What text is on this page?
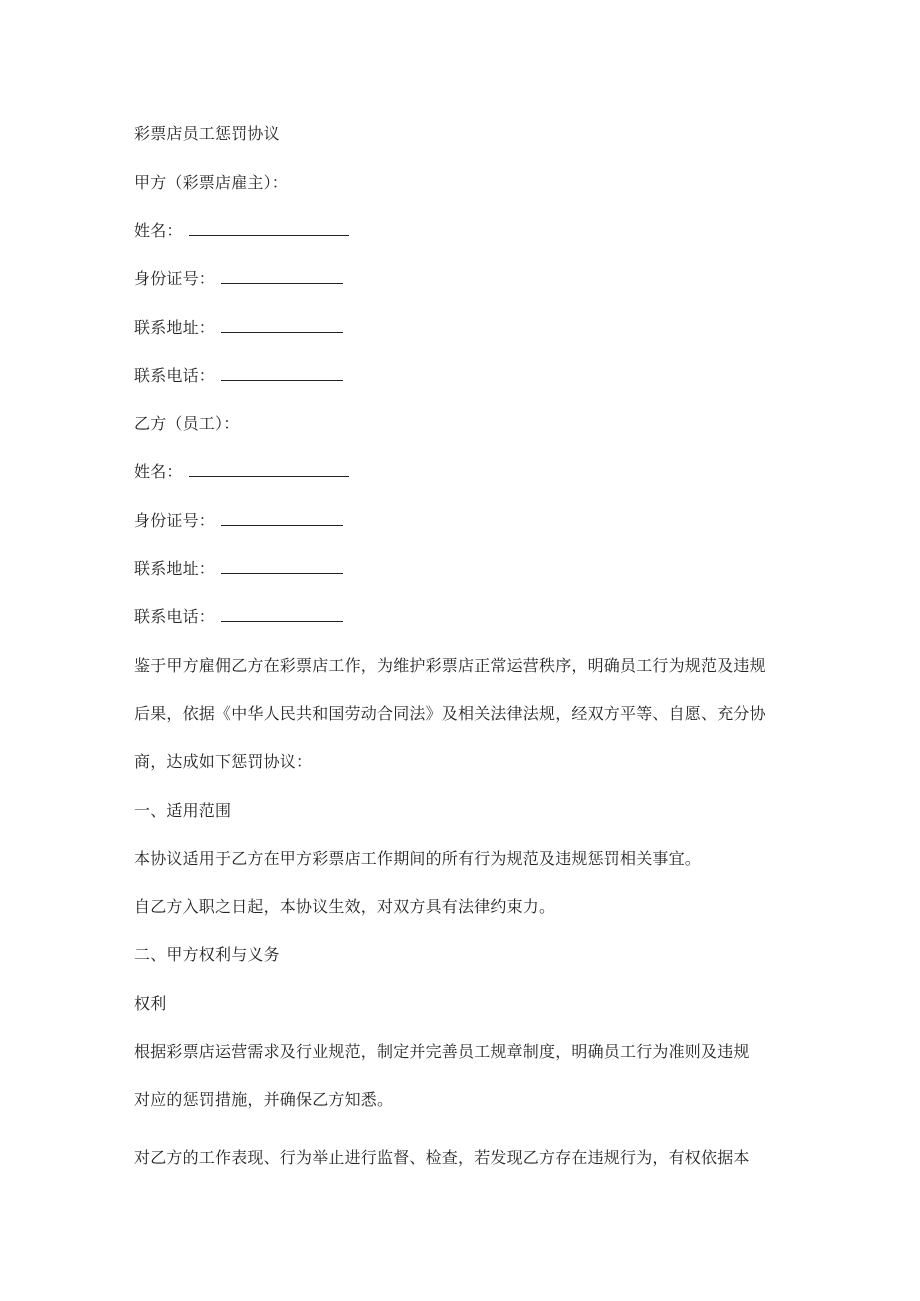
彩票店员工惩罚协议
甲方（彩票店雇主）：
姓名：
身份证号：
联系地址：
联系电话：
乙方（员工）：
姓名：
身份证号：
联系地址：
联系电话：
鉴于甲方雇佣乙方在彩票店工作，为维护彩票店正常运营秩序，明确员工行为规范及违规
后果，依据《中华人民共和国劳动合同法》及相关法律法规，经双方平等、自愿、充分协
商，达成如下惩罚协议：
一、适用范围
本协议适用于乙方在甲方彩票店工作期间的所有行为规范及违规惩罚相关事宜。
自乙方入职之日起，本协议生效，对双方具有法律约束力。
二、甲方权利与义务
权利
根据彩票店运营需求及行业规范，制定并完善员工规章制度，明确员工行为准则及违规
对应的惩罚措施，并确保乙方知悉。
对乙方的工作表现、行为举止进行监督、检查，若发现乙方存在违规行为，有权依据本
